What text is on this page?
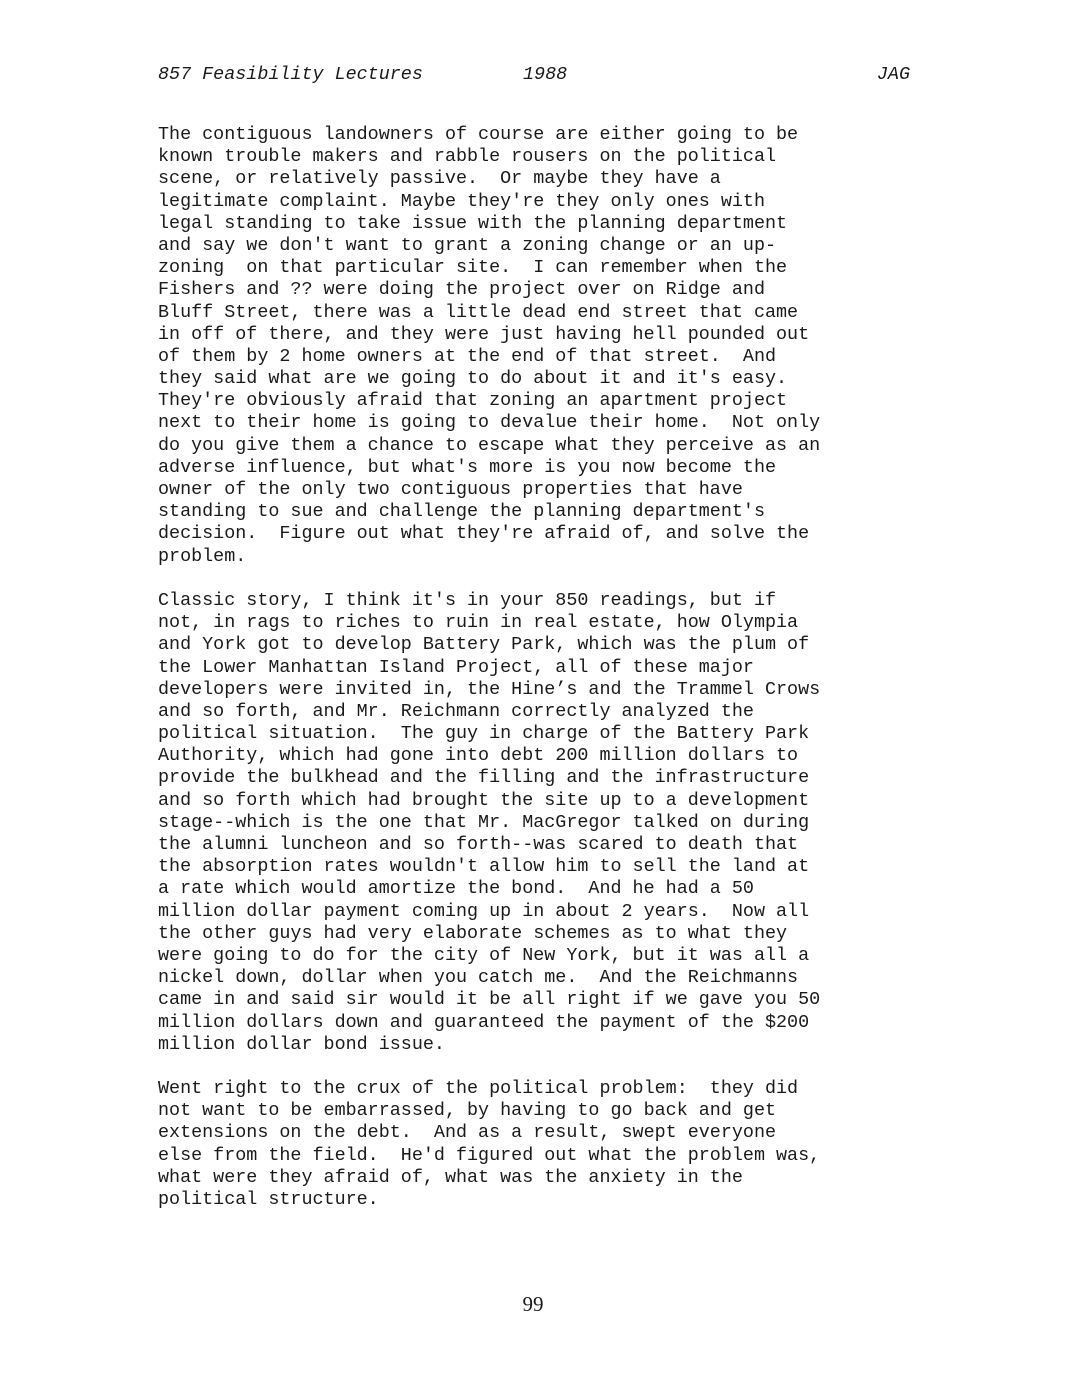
857 Feasibility Lectures

	1988

	JAG

The contiguous landowners of course are either going to be
known trouble makers and rabble rousers on the political
scene, or relatively passive.  Or maybe they have a
legitimate complaint. Maybe they're they only ones with
legal standing to take issue with the planning department
and say we don't want to grant a zoning change or an up-
zoning  on that particular site.  I can remember when the
Fishers and ?? were doing the project over on Ridge and
Bluff Street, there was a little dead end street that came
in off of there, and they were just having hell pounded out
of them by 2 home owners at the end of that street.  And
they said what are we going to do about it and it's easy.
They're obviously afraid that zoning an apartment project
next to their home is going to devalue their home.  Not only
do you give them a chance to escape what they perceive as an
adverse influence, but what's more is you now become the
owner of the only two contiguous properties that have
standing to sue and challenge the planning department's
decision.  Figure out what they're afraid of, and solve the
problem.
Classic story, I think it's in your 850 readings, but if
not, in rags to riches to ruin in real estate, how Olympia
and York got to develop Battery Park, which was the plum of
the Lower Manhattan Island Project, all of these major
developers were invited in, the Hine’s and the Trammel Crows
and so forth, and Mr. Reichmann correctly analyzed the
political situation.  The guy in charge of the Battery Park
Authority, which had gone into debt 200 million dollars to
provide the bulkhead and the filling and the infrastructure
and so forth which had brought the site up to a development
stage--which is the one that Mr. MacGregor talked on during
the alumni luncheon and so forth--was scared to death that
the absorption rates wouldn't allow him to sell the land at
a rate which would amortize the bond.  And he had a 50
million dollar payment coming up in about 2 years.  Now all
the other guys had very elaborate schemes as to what they
were going to do for the city of New York, but it was all a
nickel down, dollar when you catch me.  And the Reichmanns
came in and said sir would it be all right if we gave you 50
million dollars down and guaranteed the payment of the $200
million dollar bond issue.
Went right to the crux of the political problem:  they did
not want to be embarrassed, by having to go back and get
extensions on the debt.  And as a result, swept everyone
else from the field.  He'd figured out what the problem was,
what were they afraid of, what was the anxiety in the
political structure.
99
